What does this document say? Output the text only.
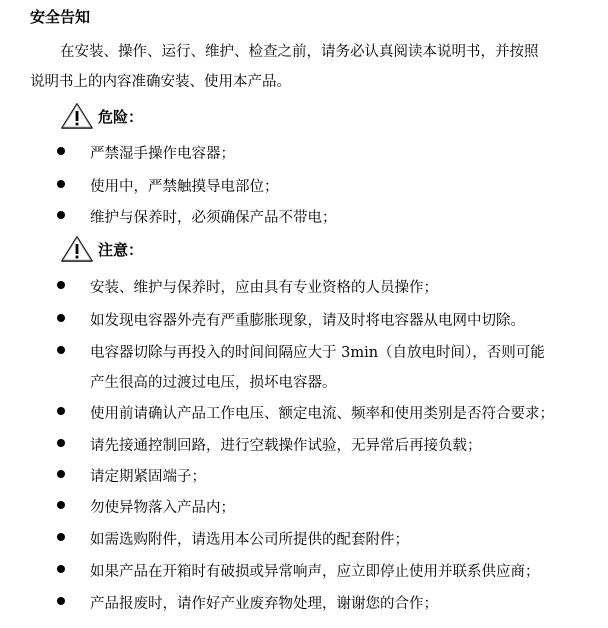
安全告知
在安装、操作、运行、维护、检查之前，请务必认真阅读本说明书，并按照
说明书上的内容准确安装、使用本产品。
危险：
严禁湿手操作电容器；
使用中，严禁触摸导电部位；
维护与保养时，必须确保产品不带电；
注意：
安装、维护与保养时，应由具有专业资格的人员操作；
如发现电容器外壳有严重膨胀现象，请及时将电容器从电网中切除。
电容器切除与再投入的时间间隔应大于 3min（自放电时间），否则可能
产生很高的过渡过电压，损坏电容器。
使用前请确认产品工作电压、额定电流、频率和使用类别是否符合要求；
请先接通控制回路，进行空载操作试验，无异常后再接负载；
请定期紧固端子；
勿使异物落入产品内；
如需选购附件，请选用本公司所提供的配套附件；
如果产品在开箱时有破损或异常响声，应立即停止使用并联系供应商；
产品报废时，请作好产业废弃物处理，谢谢您的合作；
